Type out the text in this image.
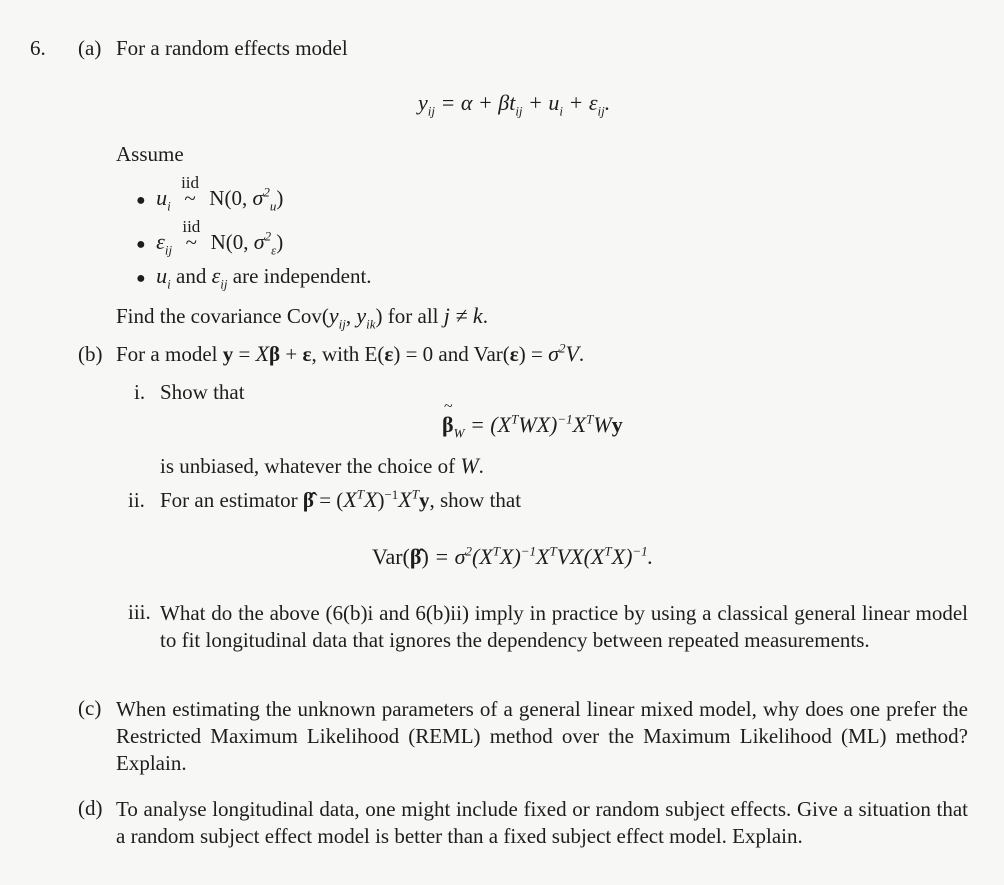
6. (a) For a random effects model
$y_{ij} = \alpha + \beta t_{ij} + u_i + \varepsilon_{ij}$.
Assume
● $u_i$
iid
~ N(0, $\sigma^2_u$)
● $\varepsilon_{ij}$
iid
~ N(0, $\sigma^2_\varepsilon$)
● $u_i$ and $\varepsilon_{ij}$ are independent.
Find the covariance $Cov(y_{ij}$, $y_{ik}$) for all j ≠ k.
(b) For a model y = Xβ + ε, with E(ε) = 0 and $Var(\varepsilon) = \sigma^2V$.
i. Show that
β
~
$_W = (X^TWX)^{-1}X^TWy$
is unbiased, whatever the choice of W.
ii. For an estimator β̂ = $(X^TX)^{-1}X^Ty$, show that
Var(β̂) = $\sigma^2(X^TX)^{-1}X^TVX(X^TX)^{-1}$.
iii. What do the above (6(b)i and 6(b)ii) imply in practice by using a classical general linear model to fit longitudinal data that ignores the dependency between repeated measurements.
(c) When estimating the unknown parameters of a general linear mixed model, why does one prefer the Restricted Maximum Likelihood (REML) method over the Maximum Likelihood (ML) method? Explain.
(d) To analyse longitudinal data, one might include fixed or random subject effects. Give a situation that a random subject effect model is better than a fixed subject effect model. Explain.
